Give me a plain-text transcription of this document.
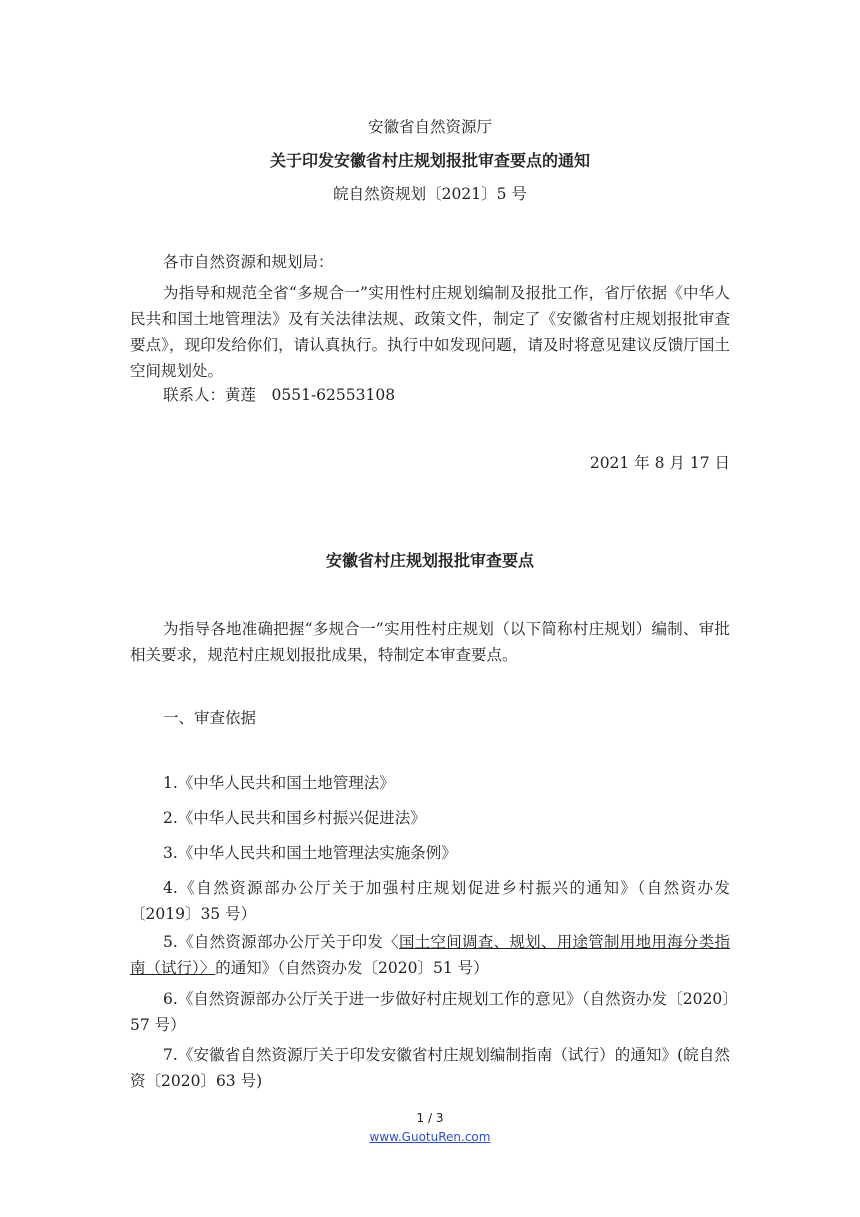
安徽省自然资源厅
关于印发安徽省村庄规划报批审查要点的通知
皖自然资规划〔2021〕5 号
各市自然资源和规划局：
为指导和规范全省“多规合一”实用性村庄规划编制及报批工作，省厅依据《中华人民共和国土地管理法》及有关法律法规、政策文件，制定了《安徽省村庄规划报批审查要点》，现印发给你们，请认真执行。执行中如发现问题，请及时将意见建议反馈厅国土空间规划处。
联系人：黄莲　0551-62553108
2021 年 8 月 17 日
安徽省村庄规划报批审查要点
为指导各地准确把握“多规合一”实用性村庄规划（以下简称村庄规划）编制、审批相关要求，规范村庄规划报批成果，特制定本审查要点。
一、审查依据
1.《中华人民共和国土地管理法》
2.《中华人民共和国乡村振兴促进法》
3.《中华人民共和国土地管理法实施条例》
4.《自然资源部办公厅关于加强村庄规划促进乡村振兴的通知》（自然资办发〔2019〕35 号）
5.《自然资源部办公厅关于印发〈国土空间调查、规划、用途管制用地用海分类指南（试行）〉的通知》（自然资办发〔2020〕51 号）
6.《自然资源部办公厅关于进一步做好村庄规划工作的意见》（自然资办发〔2020〕57 号）
7.《安徽省自然资源厅关于印发安徽省村庄规划编制指南（试行）的通知》(皖自然资〔2020〕63 号)
1 / 3
www.GuotuRen.com
